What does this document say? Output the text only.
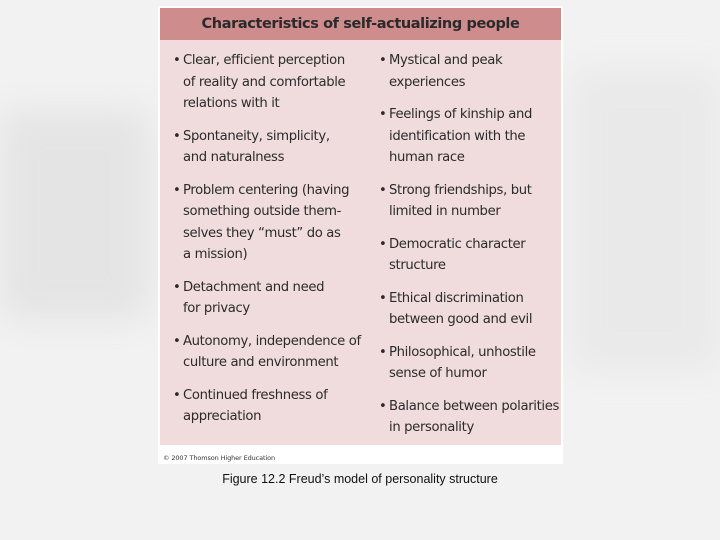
Characteristics of self-actualizing people
• Clear, efficient perception
of reality and comfortable
relations with it
• Spontaneity, simplicity,
and naturalness
• Problem centering (having
something outside them-
selves they “must” do as
a mission)
• Detachment and need
for privacy
• Autonomy, independence of
culture and environment
• Continued freshness of
appreciation
• Mystical and peak
experiences
• Feelings of kinship and
identification with the
human race
• Strong friendships, but
limited in number
• Democratic character
structure
• Ethical discrimination
between good and evil
• Philosophical, unhostile
sense of humor
• Balance between polarities
in personality
© 2007 Thomson Higher Education
Figure 12.2 Freud’s model of personality structure
